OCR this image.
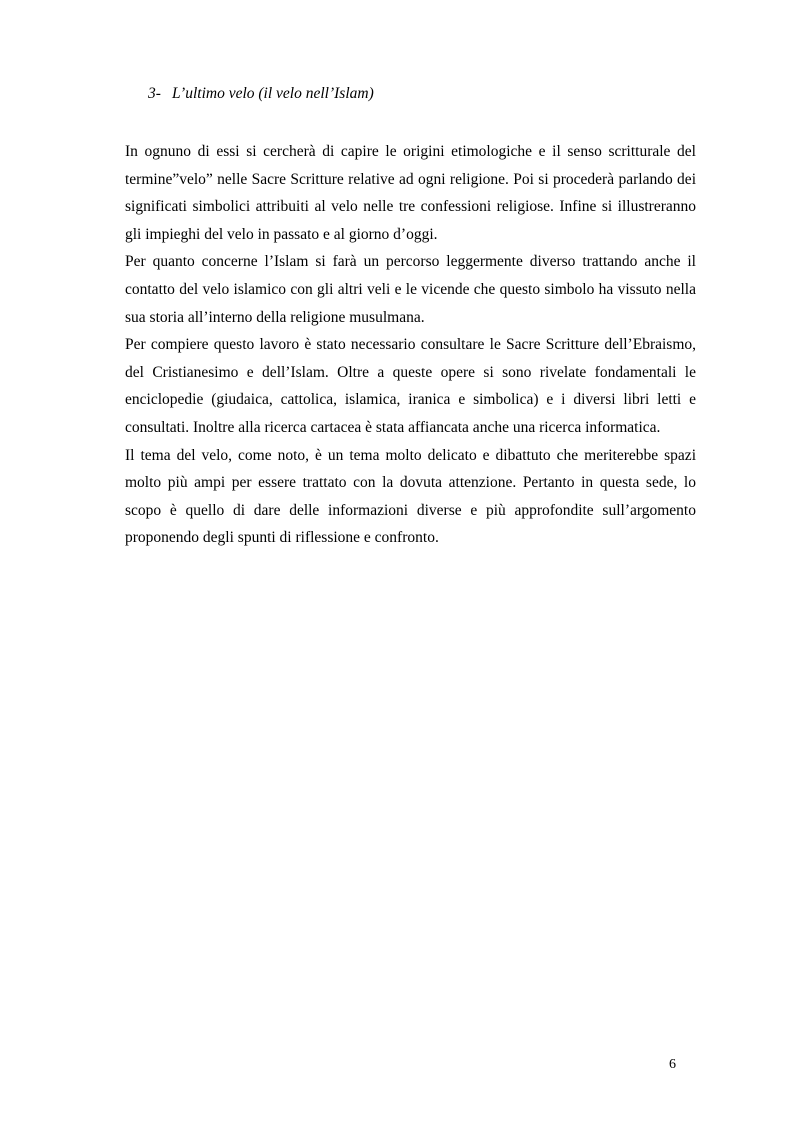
3- L’ultimo velo (il velo nell’Islam)

In ognuno di essi si cercherà di capire le origini etimologiche e il senso scritturale del termine”velo” nelle Sacre Scritture relative ad ogni religione. Poi si procederà parlando dei significati simbolici attribuiti al velo nelle tre confessioni religiose. Infine si illustreranno gli impieghi del velo in passato e al giorno d’oggi.

Per quanto concerne l’Islam si farà un percorso leggermente diverso trattando anche il contatto del velo islamico con gli altri veli e le vicende che questo simbolo ha vissuto nella sua storia all’interno della religione musulmana.

Per compiere questo lavoro è stato necessario consultare le Sacre Scritture dell’Ebraismo, del Cristianesimo e dell’Islam. Oltre a queste opere si sono rivelate fondamentali le enciclopedie (giudaica, cattolica, islamica, iranica e simbolica) e i diversi libri letti e consultati. Inoltre alla ricerca cartacea è stata affiancata anche una ricerca informatica.

Il tema del velo, come noto, è un tema molto delicato e dibattuto che meriterebbe spazi molto più ampi per essere trattato con la dovuta attenzione. Pertanto in questa sede, lo scopo è quello di dare delle informazioni diverse e più approfondite sull’argomento proponendo degli spunti di riflessione e confronto.

6
